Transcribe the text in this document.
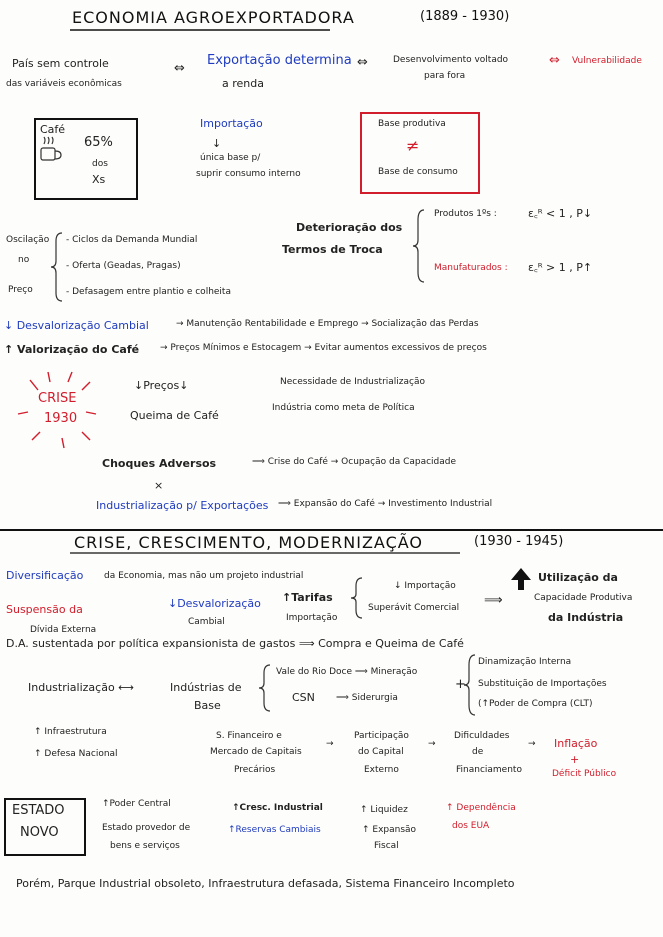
ECONOMIA AGROEXPORTADORA	(1889 - 1930)
País sem controle
das variáveis econômicas
⇔
Exportação determina
a renda
⇔	Desenvolvimento voltado
para fora
⇔ Vulnerabilidade
Café
65%
dos
Xs
Importação
↓
única base p/
suprir consumo interno
Base produtiva
≠
Base de consumo
Oscilação
no
Preço
- Ciclos da Demanda Mundial
- Oferta (Geadas, Pragas)
- Defasagem entre plantio e colheita
Deterioração dos
Termos de Troca
Produtos 1ºs :	ε꜀ᴿ < 1 , P↓
Manufaturados : ε꜀ᴿ > 1 , P↑
↓ Desvalorização Cambial	→ Manutenção Rentabilidade e Emprego → Socialização das Perdas
↑ Valorização do Café → Preços Mínimos e Estocagem → Evitar aumentos excessivos de preços
CRISE
1930
↓Preços↓
Queima de Café
Necessidade de Industrialização
Indústria como meta de Política
Choques Adversos	⟹ Crise do Café → Ocupação da Capacidade
×
Industrialização p/ Exportações ⟹ Expansão do Café → Investimento Industrial
CRISE, CRESCIMENTO, MODERNIZAÇÃO	(1930 - 1945)
Diversificação da Economia, mas não um projeto industrial
Suspensão da
Dívida Externa
↓Desvalorização
Cambial
↑Tarifas
Importação
↓ Importação
Superávit Comercial ⟹
Utilização da
Capacidade Produtiva
da Indústria
D.A. sustentada por política expansionista de gastos ⟹ Compra e Queima de Café
Industrialização ⟷	Indústrias de
Base
Vale do Rio Doce ⟹ Mineração
CSN ⟹ Siderurgia
+
Dinamização Interna
Substituição de Importações
(↑Poder de Compra (CLT)
↑ Infraestrutura
↑ Defesa Nacional
S. Financeiro e
Mercado de Capitais
Precários
→
Participação
do Capital
Externo
→
Dificuldades
de
Financiamento
→ Inflação
+
Déficit Público
ESTADO
NOVO
↑Poder Central
Estado provedor de
bens e serviços
↑Cresc. Industrial
↑Reservas Cambiais
↑ Liquidez
↑ Expansão
Fiscal
↑ Dependência
dos EUA
Porém, Parque Industrial obsoleto, Infraestrutura defasada, Sistema Financeiro Incompleto
